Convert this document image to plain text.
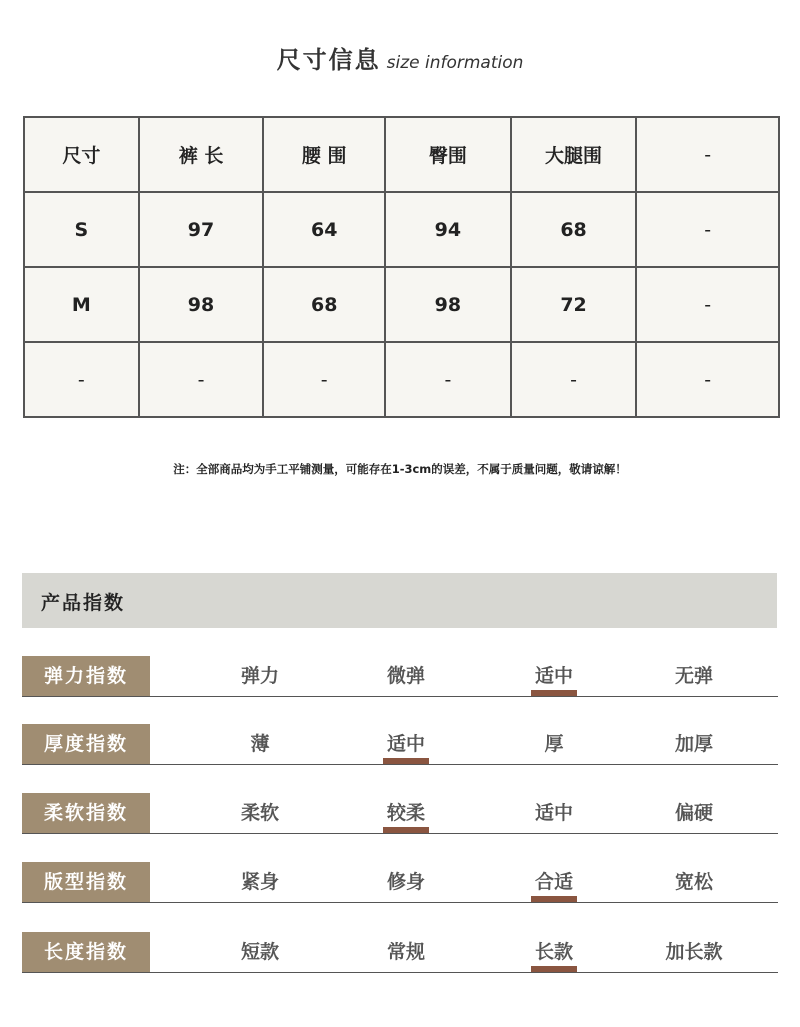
尺寸信息 size information
尺寸	裤 长	腰 围	臀围	大腿围	-
S	97	64	94	68	-
M	98	68	98	72	-
-	-	-	-	-	-
注：全部商品均为手工平铺测量，可能存在1-3cm的误差，不属于质量问题，敬请谅解！
产品指数
弹力指数	弹力	微弹	适中	无弹
厚度指数	薄	适中	厚	加厚
柔软指数	柔软	较柔	适中	偏硬
版型指数	紧身	修身	合适	宽松
长度指数	短款	常规	长款	加长款
